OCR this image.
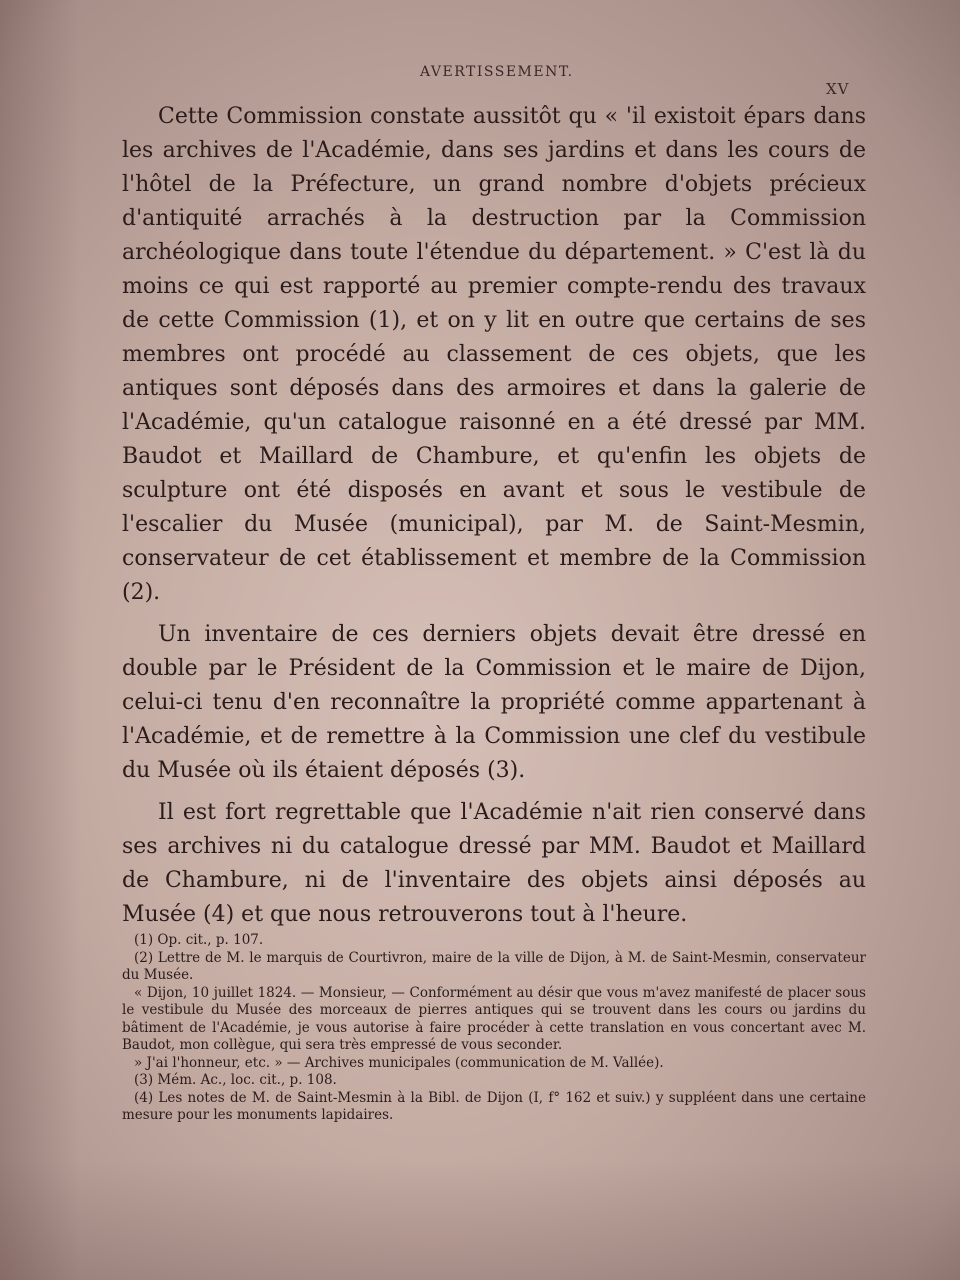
AVERTISSEMENT.
XV

Cette Commission constate aussitôt qu « 'il existoit épars dans les archives de l'Académie, dans ses jardins et dans les cours de l'hôtel de la Préfecture, un grand nombre d'objets précieux d'antiquité arrachés à la destruction par la Commission archéologique dans toute l'étendue du département. » C'est là du moins ce qui est rapporté au premier compte-rendu des travaux de cette Commission (1), et on y lit en outre que certains de ses membres ont procédé au classement de ces objets, que les antiques sont déposés dans des armoires et dans la galerie de l'Académie, qu'un catalogue raisonné en a été dressé par MM. Baudot et Maillard de Chambure, et qu'enfin les objets de sculpture ont été disposés en avant et sous le vestibule de l'escalier du Musée (municipal), par M. de Saint-Mesmin, conservateur de cet établissement et membre de la Commission (2).

Un inventaire de ces derniers objets devait être dressé en double par le Président de la Commission et le maire de Dijon, celui-ci tenu d'en reconnaître la propriété comme appartenant à l'Académie, et de remettre à la Commission une clef du vestibule du Musée où ils étaient déposés (3).

Il est fort regrettable que l'Académie n'ait rien conservé dans ses archives ni du catalogue dressé par MM. Baudot et Maillard de Chambure, ni de l'inventaire des objets ainsi déposés au Musée (4) et que nous retrouverons tout à l'heure.

(1) Op. cit., p. 107.

(2) Lettre de M. le marquis de Courtivron, maire de la ville de Dijon, à M. de Saint-Mesmin, conservateur du Musée.

« Dijon, 10 juillet 1824. — Monsieur, — Conformément au désir que vous m'avez manifesté de placer sous le vestibule du Musée des morceaux de pierres antiques qui se trouvent dans les cours ou jardins du bâtiment de l'Académie, je vous autorise à faire procéder à cette translation en vous concertant avec M. Baudot, mon collègue, qui sera très empressé de vous seconder.

» J'ai l'honneur, etc. » — Archives municipales (communication de M. Vallée).

(3) Mém. Ac., loc. cit., p. 108.

(4) Les notes de M. de Saint-Mesmin à la Bibl. de Dijon (I, f° 162 et suiv.) y suppléent dans une certaine mesure pour les monuments lapidaires.
